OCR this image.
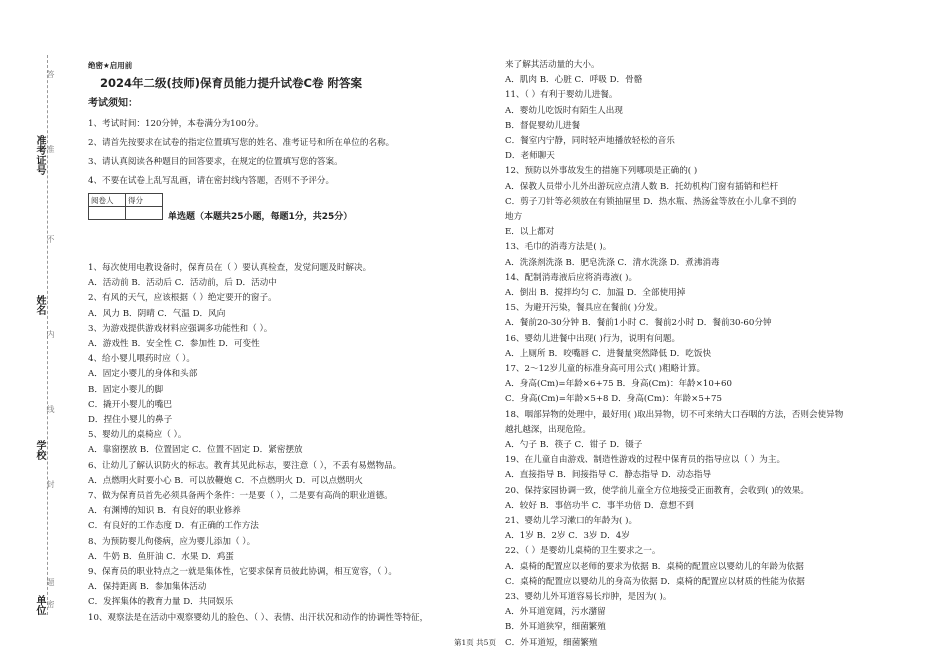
准考证号
姓名
学校
单位 密
封
线
内
不
准
答
题
绝密★启用前
2024年二级(技师)保育员能力提升试卷C卷 附答案
考试须知：
1、考试时间：120分钟，本卷满分为100分。
2、请首先按要求在试卷的指定位置填写您的姓名、准考证号和所在单位的名称。
3、请认真阅读各种题目的回答要求，在规定的位置填写您的答案。
4、不要在试卷上乱写乱画，请在密封线内答题，否则不予评分。
阅卷人	得分

单选题（本题共25小题，每题1分，共25分）
1、每次使用电教设备时，保育员在（ ）要认真检查，发觉问题及时解决。
A．活动前 B．活动后 C．活动前，后 D．活动中
2、有风的天气，应该根据（ ）绝定要开的窗子。
A．风力 B．阴晴 C．气温 D．风向
3、为游戏提供游戏材料应强调多功能性和（ ）。
A．游戏性 B．安全性 C．参加性 D．可变性
4、给小婴儿喂药时应（ ）。
A．固定小婴儿的身体和头部
B．固定小婴儿的脚
C．撬开小婴儿的嘴巴
D．捏住小婴儿的鼻子
5、婴幼儿的桌椅应（ ）。
A．靠窗摆放 B．位置固定 C．位置不固定 D．紧密摆放
6、让幼儿了解认识防火的标志。教育其见此标志，要注意（ ），不丢有易燃物品。
A．点燃明火时要小心 B．可以放鞭炮 C．不点燃明火 D．可以点燃明火
7、做为保育员首先必须具备两个条件：一是要（ ），二是要有高尚的职业道德。
A．有渊博的知识 B．有良好的职业修养
C．有良好的工作态度 D．有正确的工作方法
8、为预防婴儿佝偻病，应为婴儿添加（ ）。
A．牛奶 B．鱼肝油 C．水果 D．鸡蛋
9、保育员的职业特点之一就是集体性，它要求保育员彼此协调，相互宽容，（ ）。
A．保持距离 B．参加集体活动
C．发挥集体的教育力量 D．共同娱乐
10、观察法是在活动中观察婴幼儿的脸色、（ ）、表情、出汗状况和动作的协调性等特征，
来了解其活动量的大小。
A．肌肉 B．心脏 C．呼吸 D．骨骼
11、（ ）有利于婴幼儿进餐。
A．婴幼儿吃饭时有陌生人出现
B．督促婴幼儿进餐
C．餐室内宁静，同时轻声地播放轻松的音乐
D．老师聊天
12、预防以外事故发生的措施下列哪项是正确的( )
A．保教人员带小儿外出游玩应点清人数 B．托幼机构门窗有插销和栏杆
C．剪子刀针等必须放在有锁抽屉里 D．热水瓶、热汤盆等放在小儿拿不到的
地方
E．以上都对
13、毛巾的消毒方法是( )。
A．洗涤剂洗涤 B．肥皂洗涤 C．清水洗涤 D．煮沸消毒
14、配制消毒液后应将消毒液( )。
A．倒出 B．搅拌均匀 C．加温 D．全部使用掉
15、为避开污染，餐具应在餐前( )分发。
A．餐前20-30分钟 B．餐前1小时 C．餐前2小时 D．餐前30-60分钟
16、婴幼儿进餐中出现( )行为，说明有问题。
A．上厕所 B．咬嘴唇 C．进餐量突然降低 D．吃饭快
17、2～12岁儿童的标准身高可用公式( )粗略计算。
A．身高(Cm)=年龄×6+75 B．身高(Cm)：年龄×10+60
C．身高(Cm)=年龄×5+8 D．身高(Cm)：年龄×5+75
18、咽部异物的处理中，最好用( )取出异物，切不可来纳大口吞咽的方法，否则会使异物
越扎越深，出现危险。
A．勺子 B．筷子 C．钳子 D．镊子
19、在儿童自由游戏、制造性游戏的过程中保育员的指导应以（ ）为主。
A．直接指导 B．间接指导 C．静态指导 D．动态指导
20、保持家园协调一致，使学前儿童全方位地接受正面教育，会收到( )的效果。
A．较好 B．事倍功半 C．事半功倍 D．意想不到
21、婴幼儿学习漱口的年龄为( )。
A．1岁 B．2岁 C．3岁 D．4岁
22、（ ）是婴幼儿桌椅的卫生要求之一。
A．桌椅的配置应以老师的要求为依据 B．桌椅的配置应以婴幼儿的年龄为依据
C．桌椅的配置应以婴幼儿的身高为依据 D．桌椅的配置应以材质的性能为依据
23、婴幼儿外耳道容易长疖肿，是因为( )。
A．外耳道宽阔，污水潴留
B．外耳道狭窄，细菌繁殖
C．外耳道短，细菌繁殖
第1页 共5页
